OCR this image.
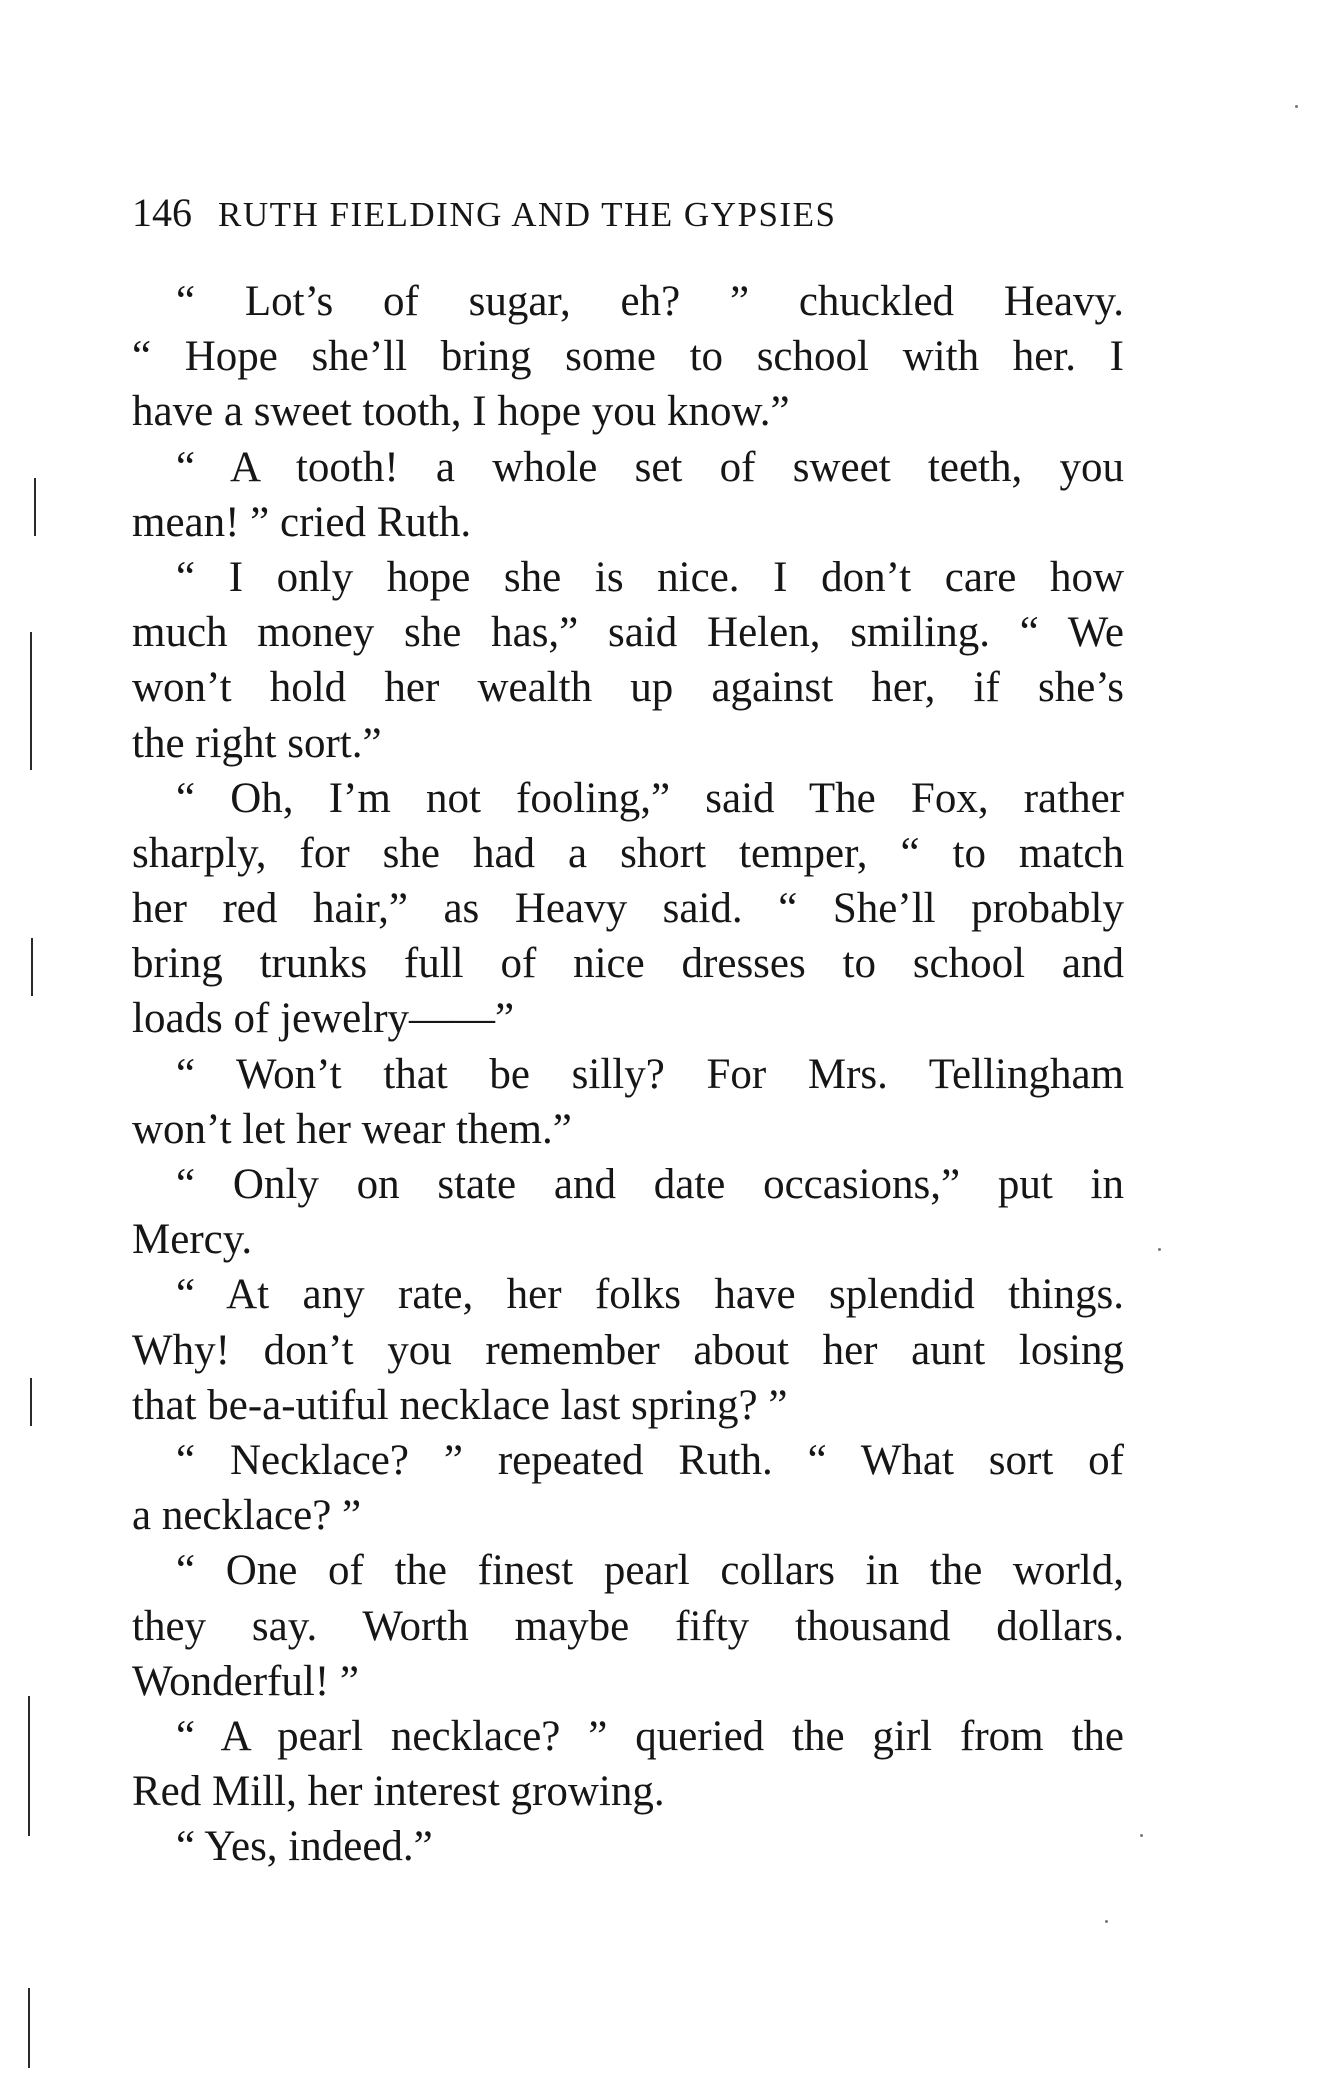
146 RUTH FIELDING AND THE GYPSIES
“ Lot’s of sugar, eh? ” chuckled Heavy.
“ Hope she’ll bring some to school with her. I
have a sweet tooth, I hope you know.”
“ A tooth! a whole set of sweet teeth, you
mean! ” cried Ruth.
“ I only hope she is nice. I don’t care how
much money she has,” said Helen, smiling. “ We
won’t hold her wealth up against her, if she’s
the right sort.”
“ Oh, I’m not fooling,” said The Fox, rather
sharply, for she had a short temper, “ to match
her red hair,” as Heavy said. “ She’ll probably
bring trunks full of nice dresses to school and
loads of jewelry——”
“ Won’t that be silly? For Mrs. Tellingham
won’t let her wear them.”
“ Only on state and date occasions,” put in
Mercy.
“ At any rate, her folks have splendid things.
Why! don’t you remember about her aunt losing
that be-a-utiful necklace last spring? ”
“ Necklace? ” repeated Ruth. “ What sort of
a necklace? ”
“ One of the finest pearl collars in the world,
they say. Worth maybe fifty thousand dollars.
Wonderful! ”
“ A pearl necklace? ” queried the girl from the
Red Mill, her interest growing.
“ Yes, indeed.”
